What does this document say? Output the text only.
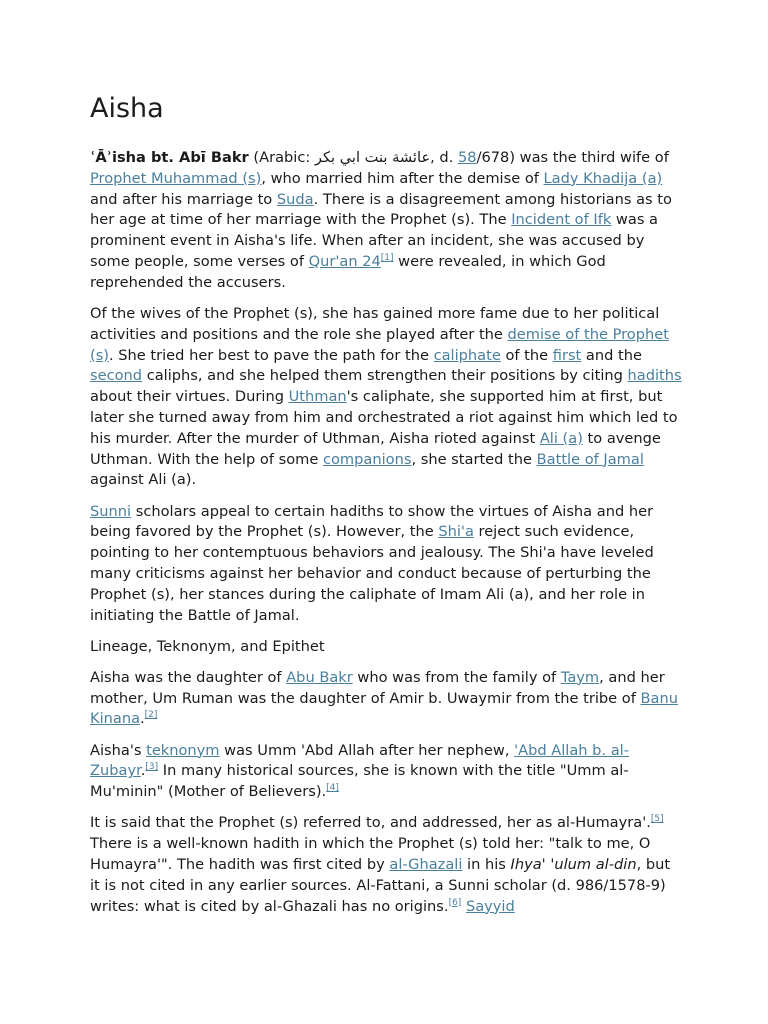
Aisha

ʿĀʾisha bt. Abī Bakr (Arabic: عائشة بنت ابي بكر, d. 58/678) was the third wife of Prophet Muhammad (s), who married him after the demise of Lady Khadija (a) and after his marriage to Suda. There is a disagreement among historians as to her age at time of her marriage with the Prophet (s). The Incident of Ifk was a prominent event in Aisha's life. When after an incident, she was accused by some people, some verses of Qur'an 24[1] were revealed, in which God reprehended the accusers.

Of the wives of the Prophet (s), she has gained more fame due to her political activities and positions and the role she played after the demise of the Prophet (s). She tried her best to pave the path for the caliphate of the first and the second caliphs, and she helped them strengthen their positions by citing hadiths about their virtues. During Uthman's caliphate, she supported him at first, but later she turned away from him and orchestrated a riot against him which led to his murder. After the murder of Uthman, Aisha rioted against Ali (a) to avenge Uthman. With the help of some companions, she started the Battle of Jamal against Ali (a).

Sunni scholars appeal to certain hadiths to show the virtues of Aisha and her being favored by the Prophet (s). However, the Shi'a reject such evidence, pointing to her contemptuous behaviors and jealousy. The Shi'a have leveled many criticisms against her behavior and conduct because of perturbing the Prophet (s), her stances during the caliphate of Imam Ali (a), and her role in initiating the Battle of Jamal.

Lineage, Teknonym, and Epithet

Aisha was the daughter of Abu Bakr who was from the family of Taym, and her mother, Um Ruman was the daughter of Amir b. Uwaymir from the tribe of Banu Kinana.[2]

Aisha's teknonym was Umm 'Abd Allah after her nephew, 'Abd Allah b. al-Zubayr.[3] In many historical sources, she is known with the title "Umm al-Mu'minin" (Mother of Believers).[4]

It is said that the Prophet (s) referred to, and addressed, her as al-Humayra'.[5] There is a well-known hadith in which the Prophet (s) told her: "talk to me, O Humayra'". The hadith was first cited by al-Ghazali in his Ihya' 'ulum al-din, but it is not cited in any earlier sources. Al-Fattani, a Sunni scholar (d. 986/1578-9) writes: what is cited by al-Ghazali has no origins.[6] Sayyid
